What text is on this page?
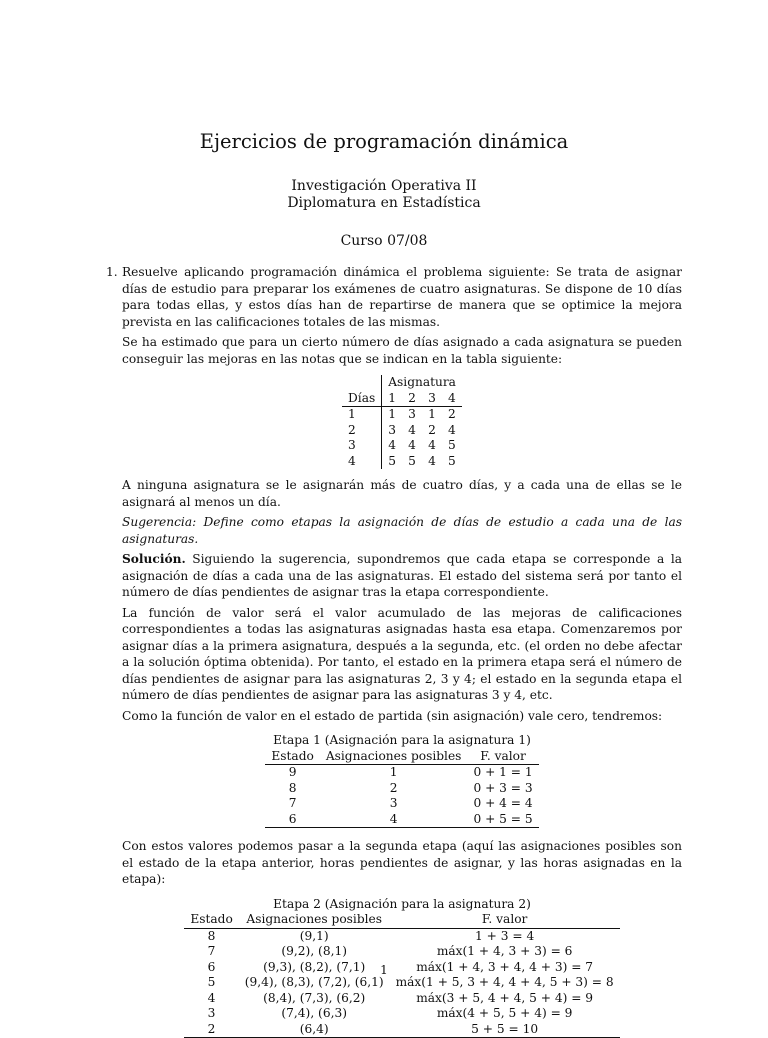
Ejercicios de programación dinámica
Investigación Operativa II
Diplomatura en Estadística
Curso 07/08
1. Resuelve aplicando programación dinámica el problema siguiente: Se trata de asignar días de estudio para preparar los exámenes de cuatro asignaturas. Se dispone de 10 días para todas ellas, y estos días han de repartirse de manera que se optimice la mejora prevista en las calificaciones totales de las mismas.

Se ha estimado que para un cierto número de días asignado a cada asignatura se pueden conseguir las mejoras en las notas que se indican en la tabla siguiente:

	Asignatura			
Días	1	2	3	4
1	1	3	1	2
2	3	4	2	4
3	4	4	4	5
4	5	5	4	5

A ninguna asignatura se le asignarán más de cuatro días, y a cada una de ellas se le asignará al menos un día.

Sugerencia: Define como etapas la asignación de días de estudio a cada una de las asignaturas.

Solución. Siguiendo la sugerencia, supondremos que cada etapa se corresponde a la asignación de días a cada una de las asignaturas. El estado del sistema será por tanto el número de días pendientes de asignar tras la etapa correspondiente.

La función de valor será el valor acumulado de las mejoras de calificaciones correspondientes a todas las asignaturas asignadas hasta esa etapa. Comenzaremos por asignar días a la primera asignatura, después a la segunda, etc. (el orden no debe afectar a la solución óptima obtenida). Por tanto, el estado en la primera etapa será el número de días pendientes de asignar para las asignaturas 2, 3 y 4; el estado en la segunda etapa el número de días pendientes de asignar para las asignaturas 3 y 4, etc.

Como la función de valor en el estado de partida (sin asignación) vale cero, tendremos:

Etapa 1 (Asignación para la asignatura 1)
Estado	Asignaciones posibles	F. valor
9	1	0 + 1 = 1
8	2	0 + 3 = 3
7	3	0 + 4 = 4
6	4	0 + 5 = 5

Con estos valores podemos pasar a la segunda etapa (aquí las asignaciones posibles son el estado de la etapa anterior, horas pendientes de asignar, y las horas asignadas en la etapa):

Etapa 2 (Asignación para la asignatura 2)
Estado	Asignaciones posibles	F. valor
8	(9,1)	1 + 3 = 4
7	(9,2), (8,1)	máx(1 + 4, 3 + 3) = 6
6	(9,3), (8,2), (7,1)	máx(1 + 4, 3 + 4, 4 + 3) = 7
5	(9,4), (8,3), (7,2), (6,1)	máx(1 + 5, 3 + 4, 4 + 4, 5 + 3) = 8
4	(8,4), (7,3), (6,2)	máx(3 + 5, 4 + 4, 5 + 4) = 9
3	(7,4), (6,3)	máx(4 + 5, 5 + 4) = 9
2	(6,4)	5 + 5 = 10
1
